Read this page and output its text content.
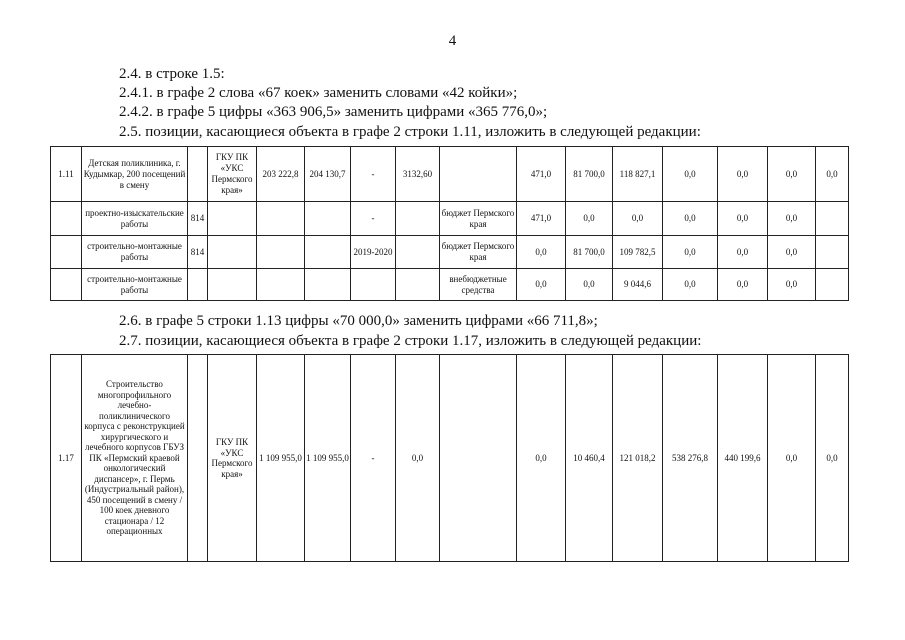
4
2.4. в строке 1.5:
2.4.1. в графе 2 слова «67 коек» заменить словами «42 койки»;
2.4.2. в графе 5 цифры «363 906,5» заменить цифрами «365 776,0»;
2.5. позиции, касающиеся объекта в графе 2 строки 1.11, изложить в следующей редакции:
2.6. в графе 5 строки 1.13 цифры «70 000,0» заменить цифрами «66 711,8»;
2.7. позиции, касающиеся объекта в графе 2 строки 1.17, изложить в следующей редакции:
1.11	Детская поликлиника, г. Кудымкар, 200 посещений в смену		ГКУ ПК «УКС Пермского края»	203 222,8	204 130,7	-	3132,60		471,0	81 700,0	118 827,1	0,0	0,0	0,0	0,0
	проектно-изыскательские работы	814				-		бюджет Пермского края	471,0	0,0	0,0	0,0	0,0	0,0	
	строительно-монтажные работы	814				2019-2020		бюджет Пермского края	0,0	81 700,0	109 782,5	0,0	0,0	0,0	
	строительно-монтажные работы							внебюджетные средства	0,0	0,0	9 044,6	0,0	0,0	0,0	
1.17	Строительство многопрофильного лечебно-поликлинического корпуса с реконструкцией хирургического и лечебного корпусов ГБУЗ ПК «Пермский краевой онкологический диспансер», г. Пермь (Индустриальный район), 450 посещений в смену / 100 коек дневного стационара / 12 операционных		ГКУ ПК «УКС Пермского края»	1 109 955,0	1 109 955,0	-	0,0		0,0	10 460,4	121 018,2	538 276,8	440 199,6	0,0	0,0
